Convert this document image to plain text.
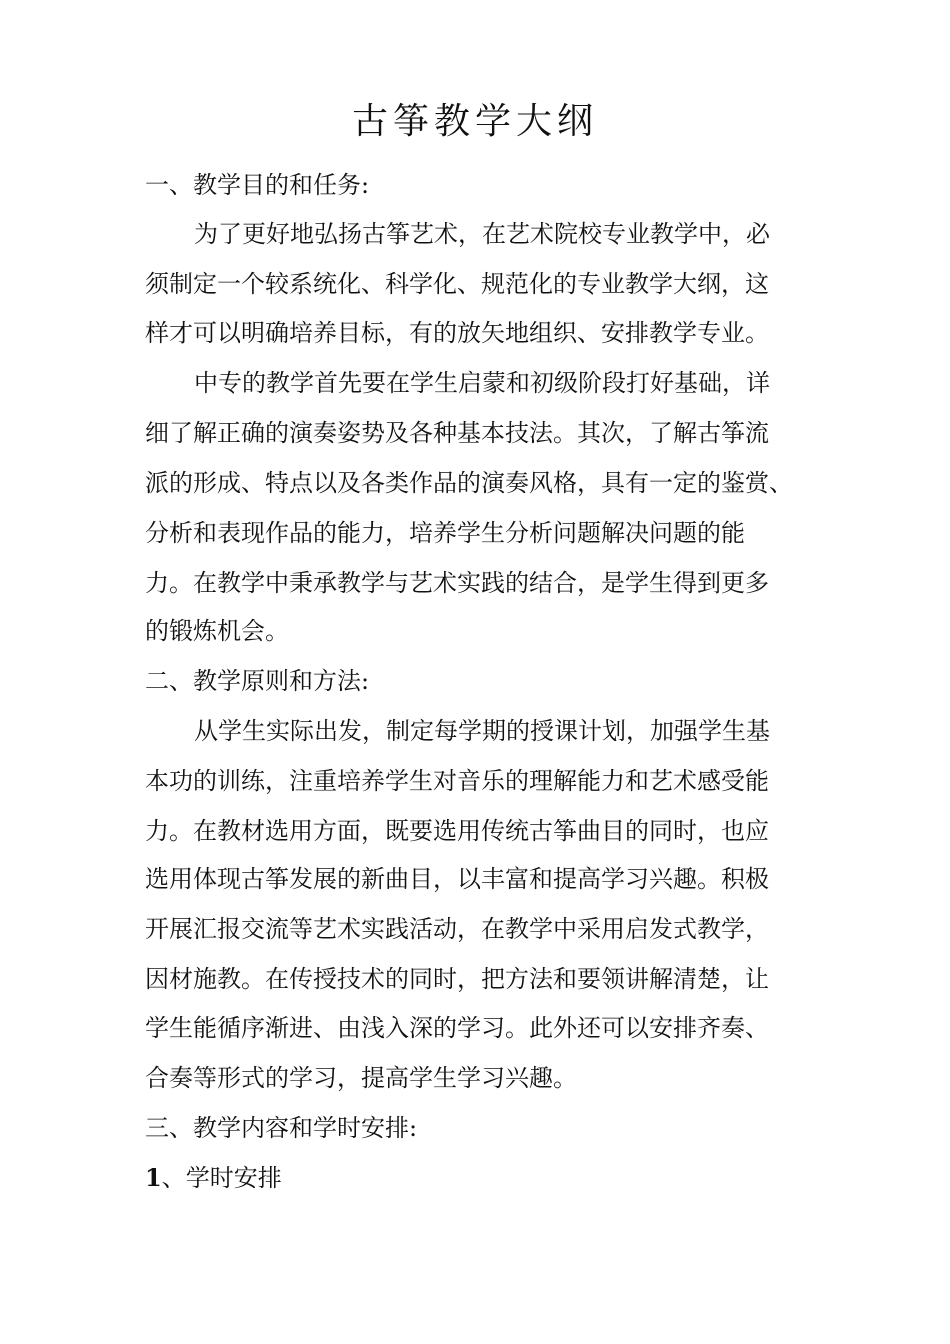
古筝教学大纲
一、教学目的和任务:
为了更好地弘扬古筝艺术，在艺术院校专业教学中，必
须制定一个较系统化、科学化、规范化的专业教学大纲，这
样才可以明确培养目标，有的放矢地组织、安排教学专业。
中专的教学首先要在学生启蒙和初级阶段打好基础，详
细了解正确的演奏姿势及各种基本技法。其次，了解古筝流
派的形成、特点以及各类作品的演奏风格，具有一定的鉴赏、
分析和表现作品的能力，培养学生分析问题解决问题的能
力。在教学中秉承教学与艺术实践的结合，是学生得到更多
的锻炼机会。
二、教学原则和方法:
从学生实际出发，制定每学期的授课计划，加强学生基
本功的训练，注重培养学生对音乐的理解能力和艺术感受能
力。在教材选用方面，既要选用传统古筝曲目的同时，也应
选用体现古筝发展的新曲目，以丰富和提高学习兴趣。积极
开展汇报交流等艺术实践活动，在教学中采用启发式教学，
因材施教。在传授技术的同时，把方法和要领讲解清楚，让
学生能循序渐进、由浅入深的学习。此外还可以安排齐奏、
合奏等形式的学习，提高学生学习兴趣。
三、教学内容和学时安排:
1、学时安排
